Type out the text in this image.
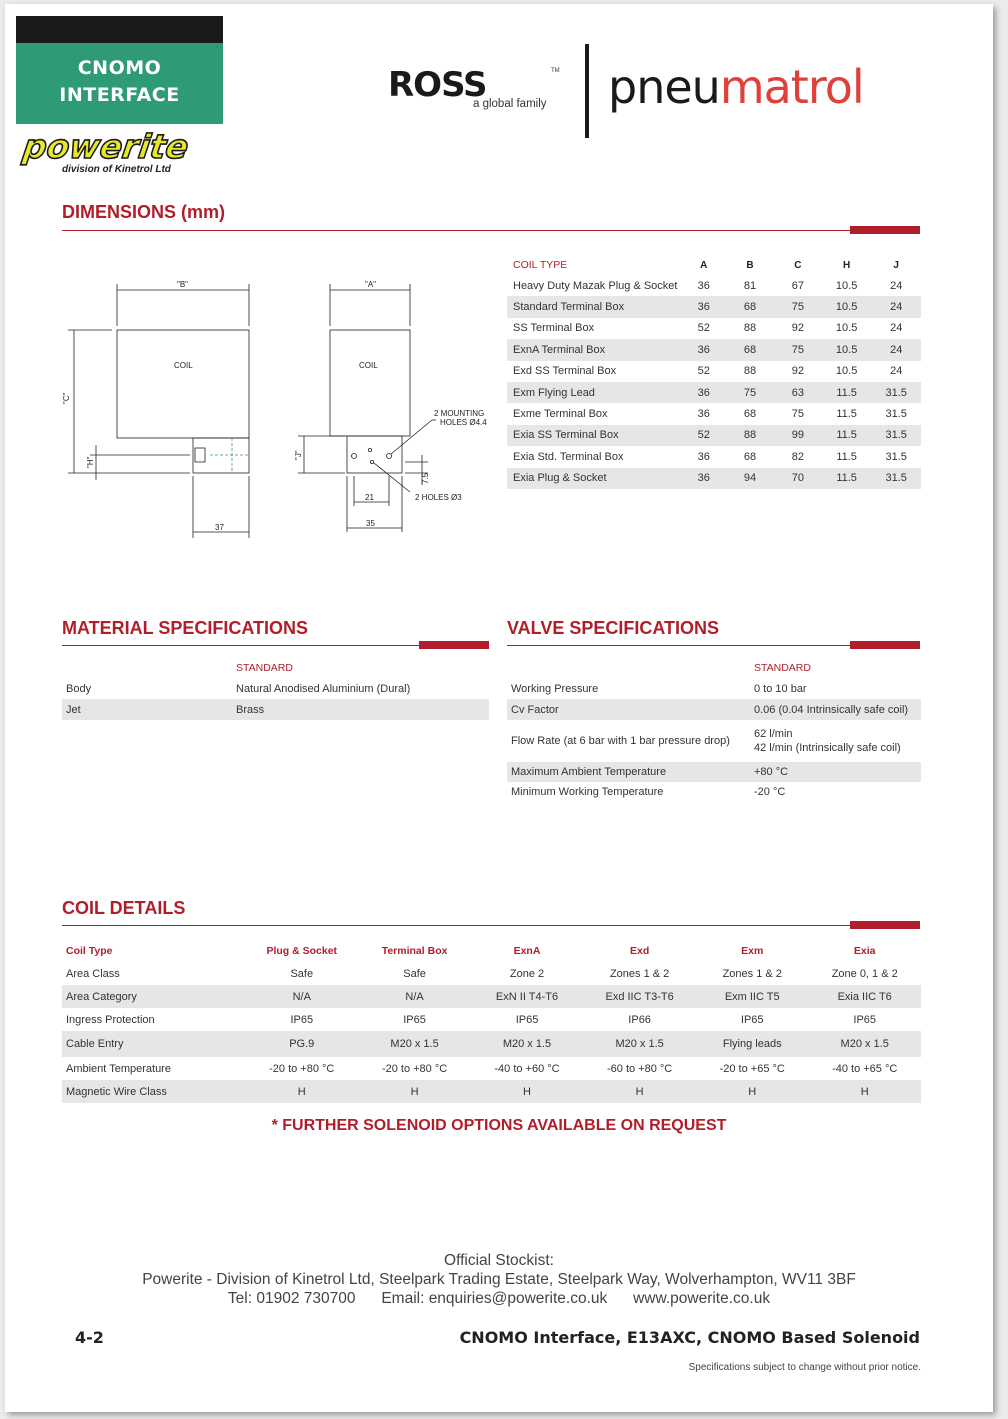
CNOMO
INTERFACE
powerite
division of Kinetrol Ltd
ROSS	TM
a global family pneumatrol
DIMENSIONS (mm)
"B"	"A"
COIL	COIL
"C"
"H"
"J"
37
21
35
7.5
2 MOUNTING
HOLES Ø4.4
2 HOLES Ø3
COIL TYPE	A	B	C	H	J
Heavy Duty Mazak Plug & Socket	36	81	67	10.5	24
Standard Terminal Box	36	68	75	10.5	24
SS Terminal Box	52	88	92	10.5	24
ExnA Terminal Box	36	68	75	10.5	24
Exd SS Terminal Box	52	88	92	10.5	24
Exm Flying Lead	36	75	63	11.5	31.5
Exme Terminal Box	36	68	75	11.5	31.5
Exia SS Terminal Box	52	88	99	11.5	31.5
Exia Std. Terminal Box	36	68	82	11.5	31.5
Exia Plug & Socket	36	94	70	11.5	31.5
MATERIAL SPECIFICATIONS
	STANDARD
Body	Natural Anodised Aluminium (Dural)
Jet	Brass
VALVE SPECIFICATIONS
	STANDARD
Working Pressure	0 to 10 bar
Cv Factor	0.06 (0.04 Intrinsically safe coil)
Flow Rate (at 6 bar with 1 bar pressure drop)	62 l/min
42 l/min (Intrinsically safe coil)
Maximum Ambient Temperature	+80 °C
Minimum Working Temperature	-20 °C
COIL DETAILS
Coil Type	Plug & Socket	Terminal Box	ExnA	Exd	Exm	Exia
Area Class	Safe	Safe	Zone 2	Zones 1 & 2	Zones 1 & 2	Zone 0, 1 & 2
Area Category	N/A	N/A	ExN II T4-T6	Exd IIC T3-T6	Exm IIC T5	Exia IIC T6
Ingress Protection	IP65	IP65	IP65	IP66	IP65	IP65
Cable Entry	PG.9	M20 x 1.5	M20 x 1.5	M20 x 1.5	Flying leads	M20 x 1.5
Ambient Temperature	-20 to +80 °C	-20 to +80 °C	-40 to +60 °C	-60 to +80 °C	-20 to +65 °C	-40 to +65 °C
Magnetic Wire Class	H	H	H	H	H	H
* FURTHER SOLENOID OPTIONS AVAILABLE ON REQUEST
Official Stockist:
Powerite - Division of Kinetrol Ltd, Steelpark Trading Estate, Steelpark Way, Wolverhampton, WV11 3BF
Tel: 01902 730700      Email: enquiries@powerite.co.uk      www.powerite.co.uk
4-2	CNOMO Interface, E13AXC, CNOMO Based Solenoid
Specifications subject to change without prior notice.
